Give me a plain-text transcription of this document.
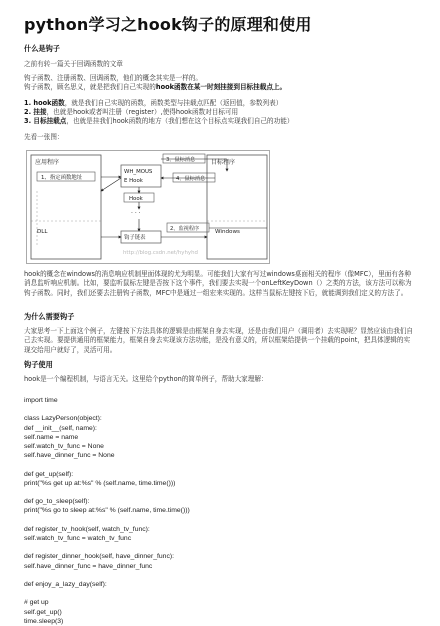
python学习之hook钩子的原理和使用
什么是钩子
之前有转一篇关于回调函数的文章
钩子函数、注册函数、回调函数，他们的概念其实是一样的。
钩子函数，顾名思义，就是把我们自己实现的hook函数在某一时刻挂接到目标挂载点上。
1. hook函数，就是我们自己实现的函数，函数类型与挂载点匹配（返回值，参数列表）
2. 挂接，也就是hook或者叫注册（register）,使得hook函数对目标可用
3. 目标挂载点，也就是挂我们hook函数的地方（我们想在这个目标点实现我们自己的功能）
先看一张图：
应用程序
1、指定函数地址
DLL
WH_MOUS
E Hook
Hook
· · ·
钩子链表
3、鼠标消息
4、鼠标消息
2、监视程序
目标程序
Windows
http://blog.csdn.net/hyhyhd
hook的概念在windows的消息响应机制里面体现的尤为明显。可能我们大家有写过windows桌面相关的程序（像MFC），里面有各种消息监听响应机制。比如，要监听鼠标左键是否按下这个事件，我们要去实现一个onLeftKeyDown（）之类的方法，该方法可以称为钩子函数。同时，我们还要去注册钩子函数，MFC中是通过一组宏来实现的。这样当鼠标左键按下后，就能调到我们定义的方法了。
为什么需要钩子
大家思考一下上面这个例子，左键按下方法具体的逻辑是由框架自身去实现，还是由我们用户（调用者）去实现呢？显然应该由我们自己去实现。要提供通用的框架能力，框架自身去实现该方法功能，是没有意义的，所以框架给提供一个挂载的point，把具体逻辑的实现交给用户就好了，灵活可用。
钩子使用
hook是一个编程机制，与语言无关。这里给个python的简单例子，帮助大家理解：
import time

class LazyPerson(object):
def __init__(self, name):
self.name = name
self.watch_tv_func = None
self.have_dinner_func = None

def get_up(self):
print("%s get up at:%s" % (self.name, time.time()))

def go_to_sleep(self):
print("%s go to sleep at:%s" % (self.name, time.time()))

def register_tv_hook(self, watch_tv_func):
self.watch_tv_func = watch_tv_func

def register_dinner_hook(self, have_dinner_func):
self.have_dinner_func = have_dinner_func

def enjoy_a_lazy_day(self):

# get up
self.get_up()
time.sleep(3)
